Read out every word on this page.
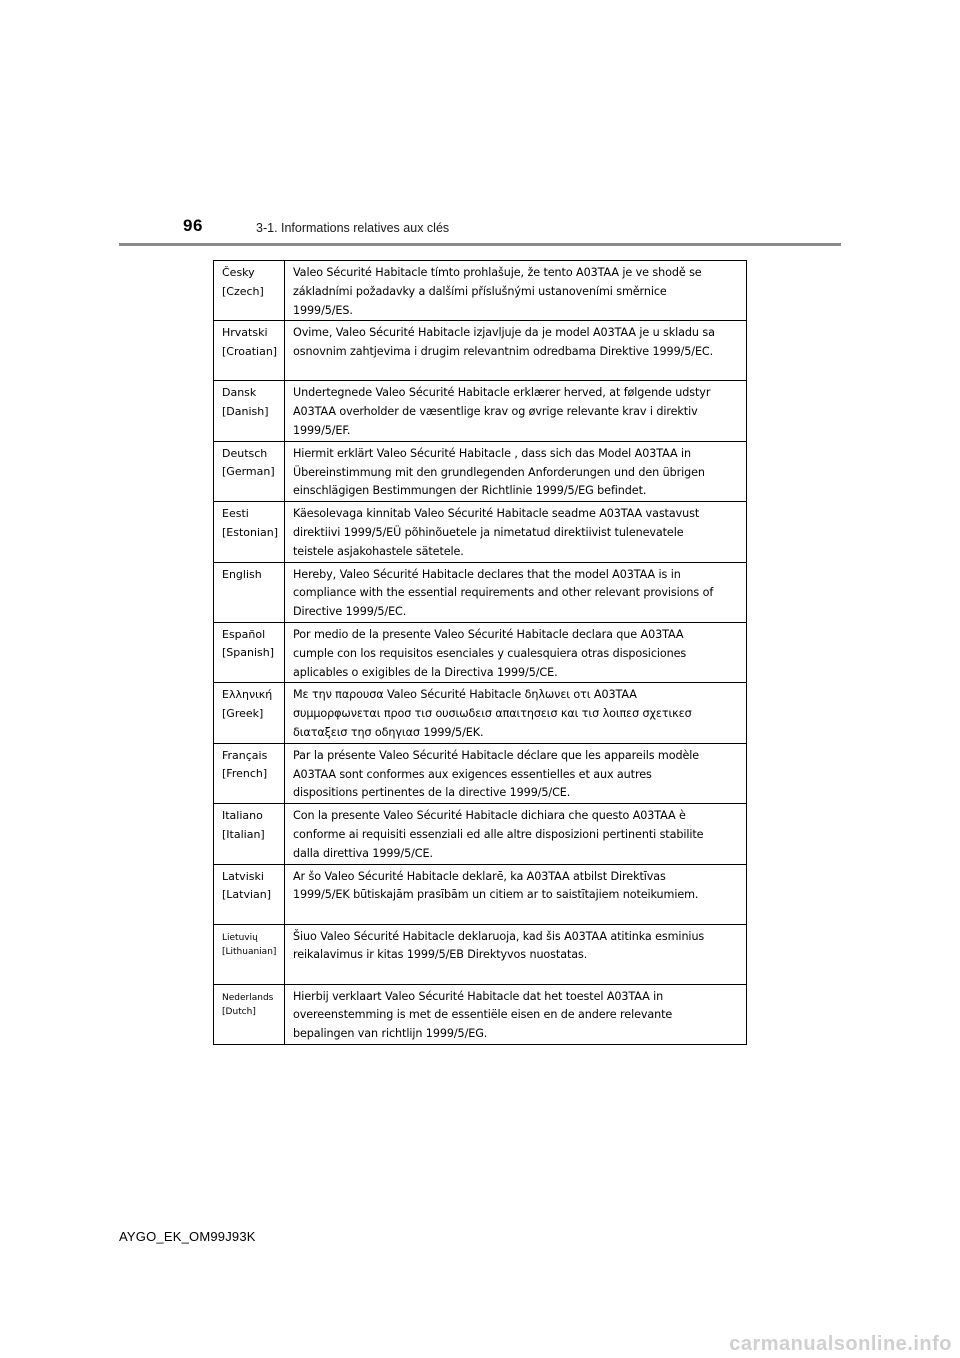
96	3-1. Informations relatives aux clés
Česky
[Czech]	Valeo Sécurité Habitacle tímto prohlašuje, že tento A03TAA je ve shodě se
základními požadavky a dalšími příslušnými ustanoveními směrnice
1999/5/ES.

Hrvatski
[Croatian]	Ovime, Valeo Sécurité Habitacle izjavljuje da je model A03TAA je u skladu sa
osnovnim zahtjevima i drugim relevantnim odredbama Direktive 1999/5/EC.

Dansk
[Danish]	Undertegnede Valeo Sécurité Habitacle erklærer herved, at følgende udstyr
A03TAA overholder de væsentlige krav og øvrige relevante krav i direktiv
1999/5/EF.

Deutsch
[German]	Hiermit erklärt Valeo Sécurité Habitacle , dass sich das Model A03TAA in
Übereinstimmung mit den grundlegenden Anforderungen und den übrigen
einschlägigen Bestimmungen der Richtlinie 1999/5/EG befindet.

Eesti
[Estonian]	Käesolevaga kinnitab Valeo Sécurité Habitacle seadme A03TAA vastavust
direktiivi 1999/5/EÜ põhinõuetele ja nimetatud direktiivist tulenevatele
teistele asjakohastele sätetele.

English	Hereby, Valeo Sécurité Habitacle declares that the model A03TAA is in
compliance with the essential requirements and other relevant provisions of
Directive 1999/5/EC.

Español
[Spanish]	Por medio de la presente Valeo Sécurité Habitacle declara que A03TAA
cumple con los requisitos esenciales y cualesquiera otras disposiciones
aplicables o exigibles de la Directiva 1999/5/CE.

Ελληνική
[Greek]	Με την παρουσα Valeo Sécurité Habitacle δηλωνει οτι A03TAA
συμμορφωνεται προσ τισ ουσιωδεισ απαιτησεισ και τισ λοιπεσ σχετικεσ
διαταξεισ τησ οδηγιασ 1999/5/ΕΚ.

Français
[French]	Par la présente Valeo Sécurité Habitacle déclare que les appareils modèle
A03TAA sont conformes aux exigences essentielles et aux autres
dispositions pertinentes de la directive 1999/5/CE.

Italiano
[Italian]	Con la presente Valeo Sécurité Habitacle dichiara che questo A03TAA è
conforme ai requisiti essenziali ed alle altre disposizioni pertinenti stabilite
dalla direttiva 1999/5/CE.

Latviski
[Latvian]	Ar šo Valeo Sécurité Habitacle deklarē, ka A03TAA atbilst Direktīvas
1999/5/EK būtiskajām prasībām un citiem ar to saistītajiem noteikumiem.

Lietuvių
[Lithuanian]	Šiuo Valeo Sécurité Habitacle deklaruoja, kad šis A03TAA atitinka esminius
reikalavimus ir kitas 1999/5/EB Direktyvos nuostatas.

Nederlands
[Dutch]	Hierbij verklaart Valeo Sécurité Habitacle dat het toestel A03TAA in
overeenstemming is met de essentiële eisen en de andere relevante
bepalingen van richtlijn 1999/5/EG.
AYGO_EK_OM99J93K
carmanualsonline.info
